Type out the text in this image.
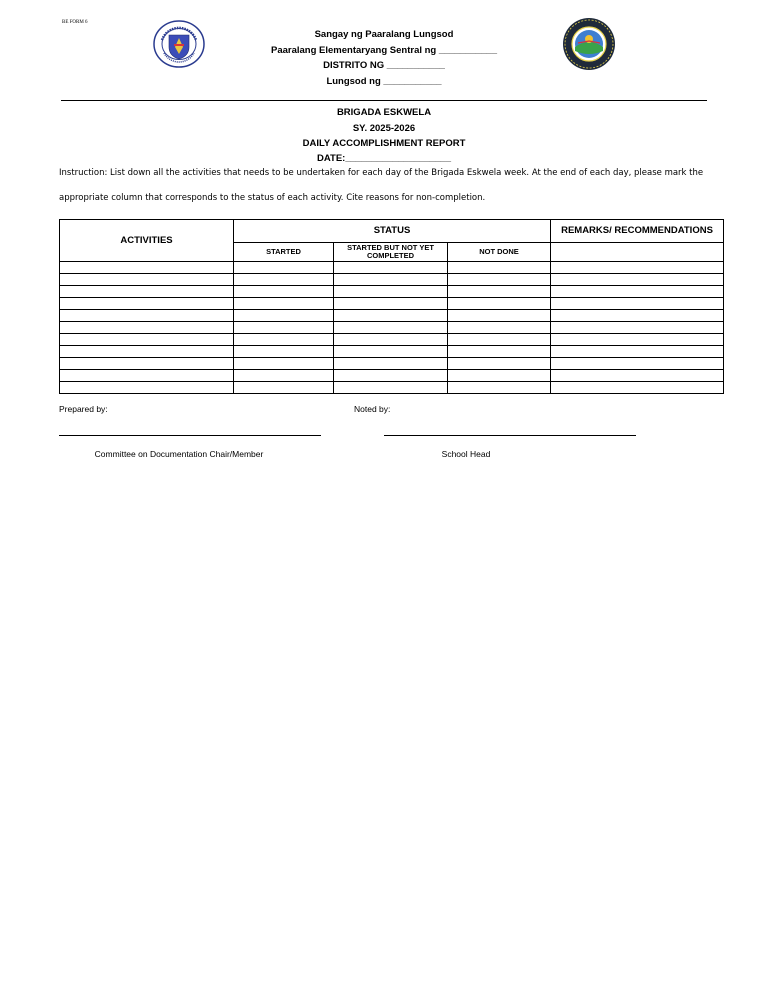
BE FORM 6
Sangay ng Paaralang Lungsod
Paaralang Elementaryang Sentral ng ___________
DISTRITO NG ___________
Lungsod ng ___________
BRIGADA ESKWELA
SY. 2025-2026
DAILY ACCOMPLISHMENT REPORT
DATE:____________________
Instruction: List down all the activities that needs to be undertaken for each day of the Brigada Eskwela week. At the end of each day, please mark the
appropriate column that corresponds to the status of each activity. Cite reasons for non-completion.
ACTIVITIES	STATUS			REMARKS/ RECOMMENDATIONS
	STARTED	STARTED BUT NOT YET COMPLETED	NOT DONE	

Prepared by:	Noted by:
Committee on Documentation Chair/Member	School Head
